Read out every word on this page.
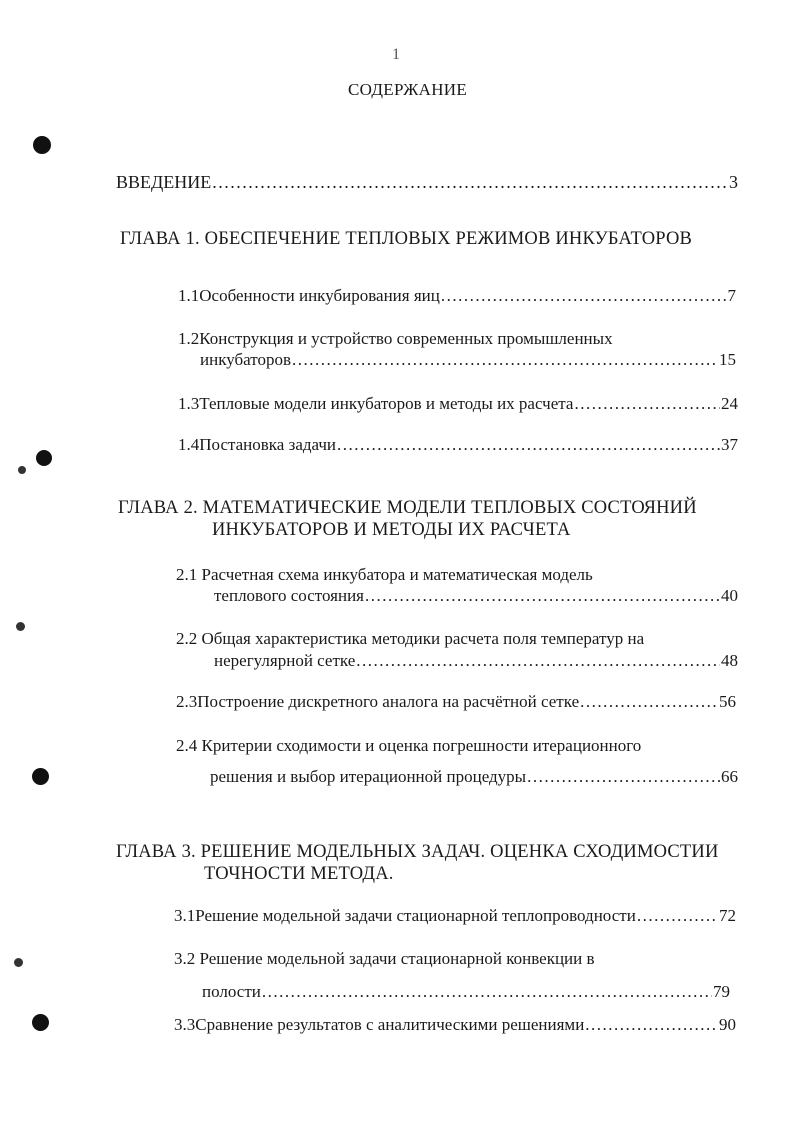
1
СОДЕРЖАНИЕ
ВВЕДЕНИЕ .....	3
ГЛАВА 1. ОБЕСПЕЧЕНИЕ ТЕПЛОВЫХ РЕЖИМОВ ИНКУБАТОРОВ
1.1 Особенности инкубирования яиц .....	7
1.2Конструкция и устройство современных промышленных
инкубаторов .....	15
1.3 Тепловые модели инкубаторов и методы их расчета .....	24
1.4 Постановка задачи .....	37
ГЛАВА 2. МАТЕМАТИЧЕСКИЕ МОДЕЛИ ТЕПЛОВЫХ СОСТОЯНИЙ
ИНКУБАТОРОВ И МЕТОДЫ ИХ РАСЧЕТА
2.1 Расчетная схема инкубатора и математическая модель
теплового состояния .....	40
2.2 Общая характеристика методики расчета поля температур на
нерегулярной сетке .....	48
2.3 Построение дискретного аналога на расчётной сетке .....	56
2.4 Критерии сходимости и оценка погрешности итерационного
решения и выбор итерационной процедуры .....	66
ГЛАВА 3. РЕШЕНИЕ МОДЕЛЬНЫХ ЗАДАЧ. ОЦЕНКА СХОДИМОСТИИ
ТОЧНОСТИ МЕТОДА.
3.1 Решение модельной задачи стационарной теплопроводности .....	72
3.2 Решение модельной задачи стационарной конвекции в
полости .....	79
3.3 Сравнение результатов с аналитическими решениями .....	90
